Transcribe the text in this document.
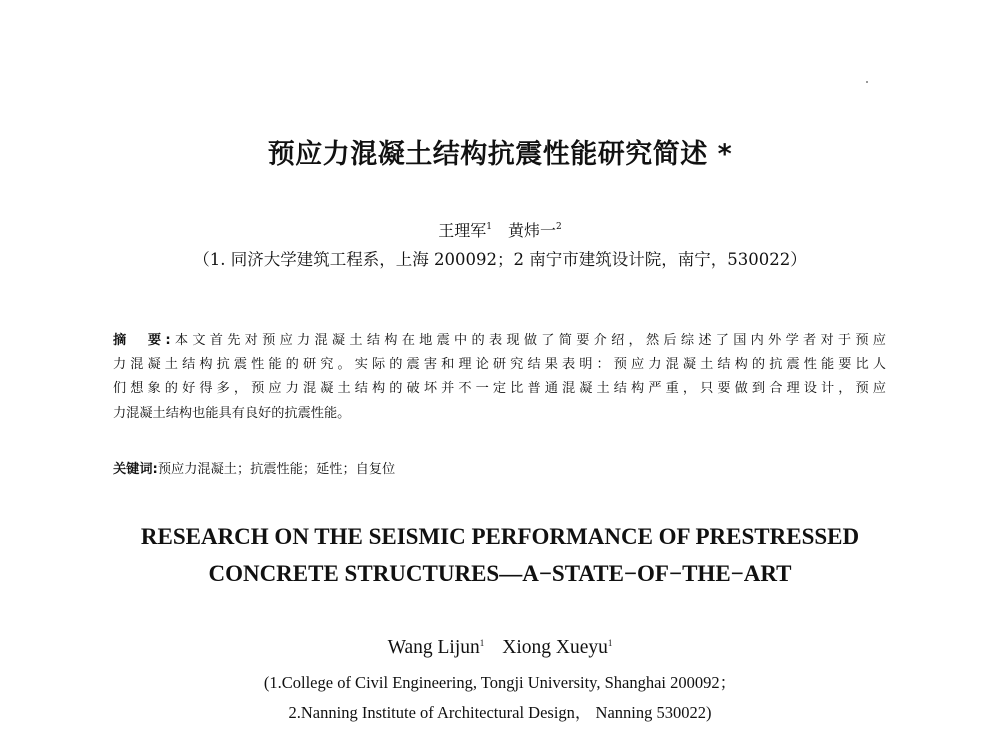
预应力混凝土结构抗震性能研究简述 *
王理军$^1$ 黄炜一$^2$
（1. 同济大学建筑工程系，上海 200092；2 南宁市建筑设计院，南宁，530022）
摘　要:本文首先对预应力混凝土结构在地震中的表现做了简要介绍，然后综述了国内外学者对于预应
力混凝土结构抗震性能的研究。实际的震害和理论研究结果表明：预应力混凝土结构的抗震性能要比人
们想象的好得多，预应力混凝土结构的破坏并不一定比普通混凝土结构严重，只要做到合理设计，预应
力混凝土结构也能具有良好的抗震性能。
关键词:预应力混凝土；抗震性能；延性；自复位
RESEARCH ON THE SEISMIC PERFORMANCE OF PRESTRESSED
CONCRETE STRUCTURES—A−STATE−OF−THE−ART
Wang Lijun$^1$ Xiong Xueyu$^1$
(1.College of Civil Engineering, Tongji University, Shanghai 200092；
2.Nanning Institute of Architectural Design， Nanning 530022)
